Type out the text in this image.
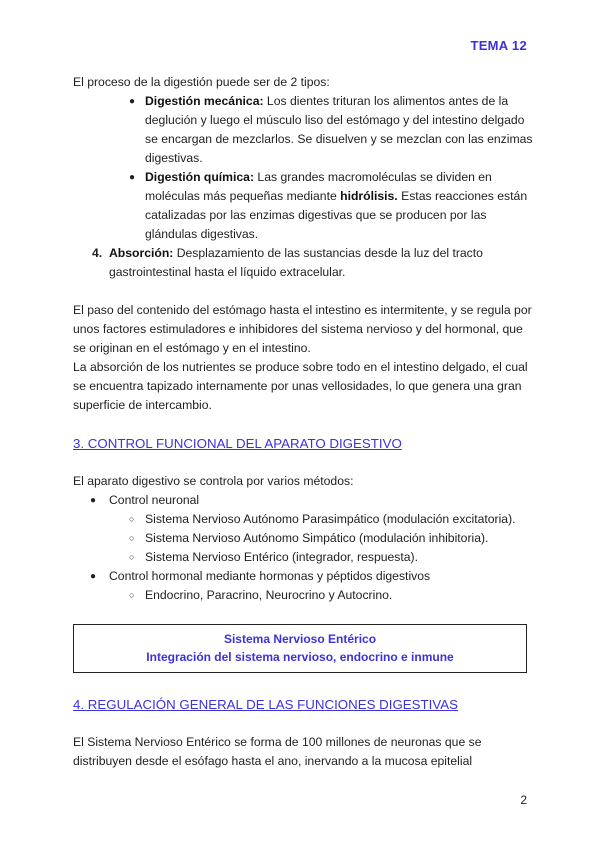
TEMA 12

El proceso de la digestión puede ser de 2 tipos:

● Digestión mecánica: Los dientes trituran los alimentos antes de la deglución y luego el músculo liso del estómago y del intestino delgado se encargan de mezclarlos. Se disuelven y se mezclan con las enzimas digestivas.
● Digestión química: Las grandes macromoléculas se dividen en moléculas más pequeñas mediante hidrólisis. Estas reacciones están catalizadas por las enzimas digestivas que se producen por las glándulas digestivas.
4. Absorción: Desplazamiento de las sustancias desde la luz del tracto gastrointestinal hasta el líquido extracelular.

El paso del contenido del estómago hasta el intestino es intermitente, y se regula por unos factores estimuladores e inhibidores del sistema nervioso y del hormonal, que se originan en el estómago y en el intestino.

La absorción de los nutrientes se produce sobre todo en el intestino delgado, el cual se encuentra tapizado internamente por unas vellosidades, lo que genera una gran superficie de intercambio.

3. CONTROL FUNCIONAL DEL APARATO DIGESTIVO

El aparato digestivo se controla por varios métodos:

● Control neuronal
○ Sistema Nervioso Autónomo Parasimpático (modulación excitatoria).
○ Sistema Nervioso Autónomo Simpático (modulación inhibitoria).
○ Sistema Nervioso Entérico (integrador, respuesta).
● Control hormonal mediante hormonas y péptidos digestivos
○ Endocrino, Paracrino, Neurocrino y Autocrino.
Sistema Nervioso Entérico
Integración del sistema nervioso, endocrino e inmune
4. REGULACIÓN GENERAL DE LAS FUNCIONES DIGESTIVAS

El Sistema Nervioso Entérico se forma de 100 millones de neuronas que se distribuyen desde el esófago hasta el ano, inervando a la mucosa epitelial

2
